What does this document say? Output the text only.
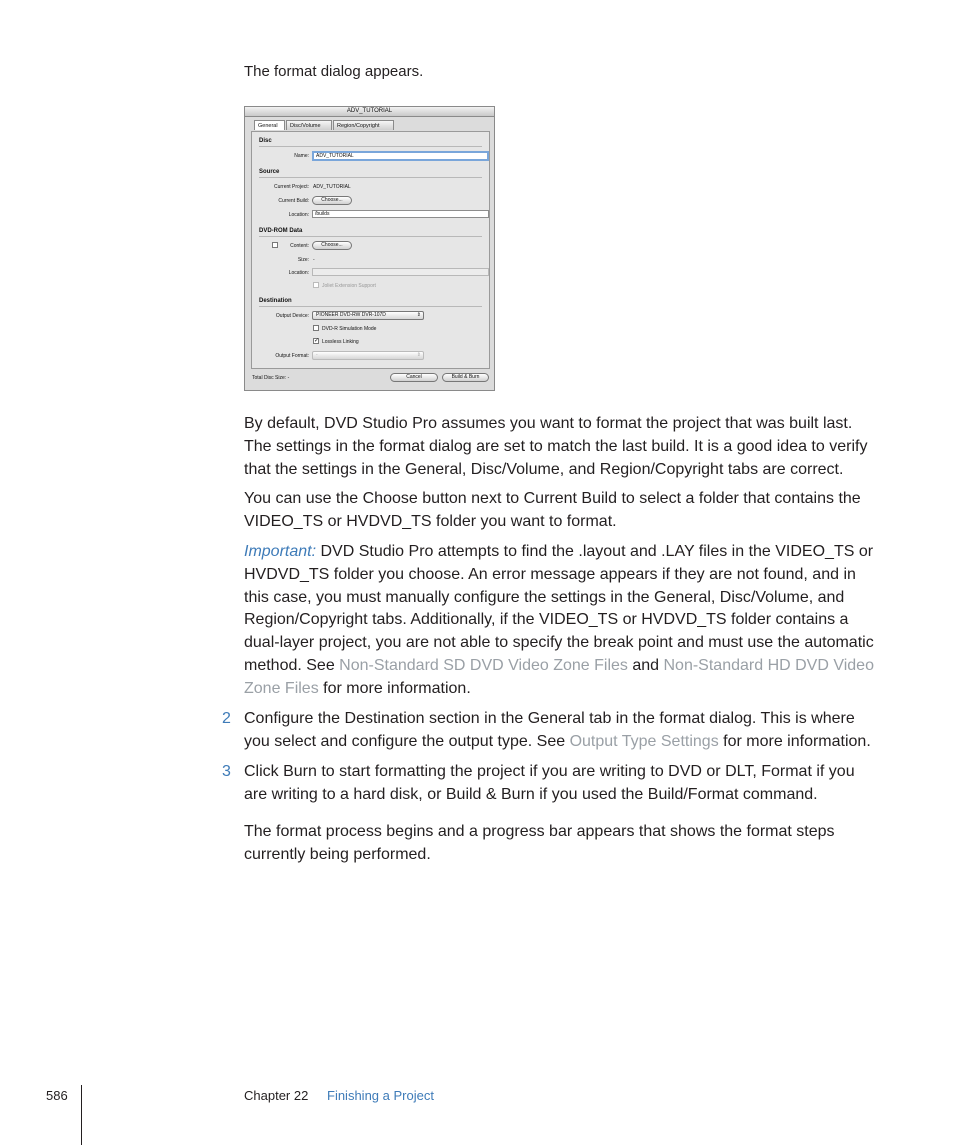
The format dialog appears.
ADV_TUTORIAL
General	Disc/Volume	Region/Copyright
Disc
Name:	ADV_TUTORIAL
Source
Current Project: ADV_TUTORIAL
Current Build:	Choose...
Location:	/builds
DVD-ROM Data
Content:	Choose...
Size: -
Location:
Joliet Extension Support
Destination
Output Device:	PIONEER DVD-RW DVR-107D	⇕
DVD-R Simulation Mode
✓ Lossless Linking
Output Format:	-	⇕
Total Disc Size: -	Cancel	Build & Burn

By default, DVD Studio Pro assumes you want to format the project that was built last. The settings in the format dialog are set to match the last build. It is a good idea to verify that the settings in the General, Disc/Volume, and Region/Copyright tabs are correct.

You can use the Choose button next to Current Build to select a folder that contains the VIDEO_TS or HVDVD_TS folder you want to format.

Important: DVD Studio Pro attempts to find the .layout and .LAY files in the VIDEO_TS or HVDVD_TS folder you choose. An error message appears if they are not found, and in this case, you must manually configure the settings in the General, Disc/Volume, and Region/Copyright tabs. Additionally, if the VIDEO_TS or HVDVD_TS folder contains a dual-layer project, you are not able to specify the break point and must use the automatic method. See Non-Standard SD DVD Video Zone Files and Non-Standard HD DVD Video Zone Files for more information.

2 Configure the Destination section in the General tab in the format dialog. This is where you select and configure the output type. See Output Type Settings for more information.

3 Click Burn to start formatting the project if you are writing to DVD or DLT, Format if you are writing to a hard disk, or Build & Burn if you used the Build/Format command.

The format process begins and a progress bar appears that shows the format steps currently being performed.

586	Chapter 22 Finishing a Project
